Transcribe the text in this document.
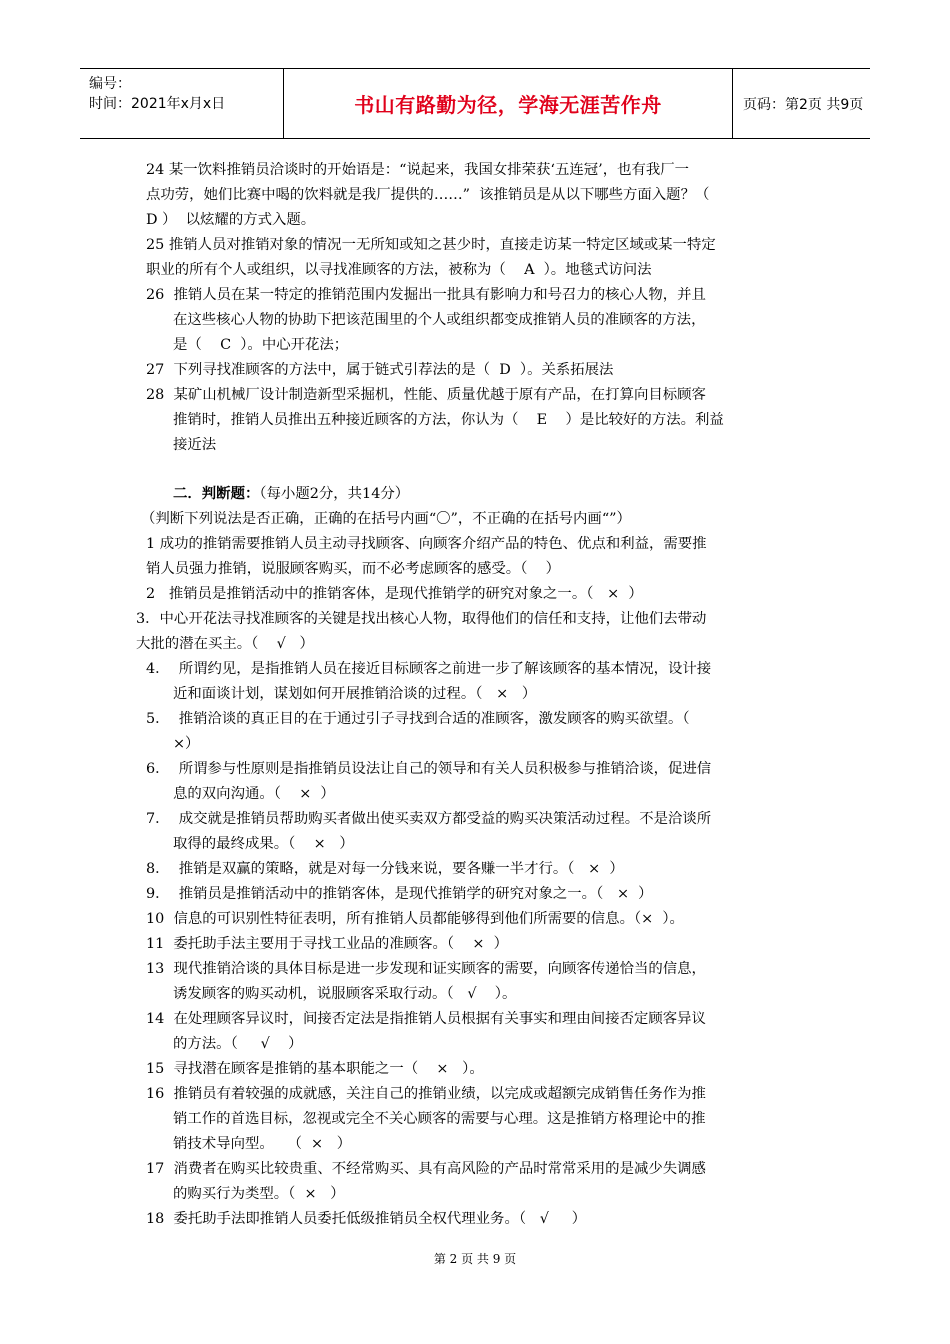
编号：
时间：2021年x月x日	书山有路勤为径，学海无涯苦作舟	页码：第2页 共9页
24 某一饮料推销员洽谈时的开始语是：“说起来，我国女排荣获‘五连冠’，也有我厂一
点功劳，她们比赛中喝的饮料就是我厂提供的……”  该推销员是从以下哪些方面入题？（
D ）  以炫耀的方式入题。
25 推销人员对推销对象的情况一无所知或知之甚少时，直接走访某一特定区域或某一特定
职业的所有个人或组织，以寻找准顾客的方法，被称为（    A  ）。地毯式访问法
26  推销人员在某一特定的推销范围内发掘出一批具有影响力和号召力的核心人物，并且
在这些核心人物的协助下把该范围里的个人或组织都变成推销人员的准顾客的方法，
是（    C  ）。中心开花法；
27  下列寻找准顾客的方法中，属于链式引荐法的是（  D  ）。关系拓展法
28  某矿山机械厂设计制造新型采掘机，性能、质量优越于原有产品，在打算向目标顾客
推销时，推销人员推出五种接近顾客的方法，你认为（    E    ）是比较好的方法。利益
接近法
二．判断题：（每小题2分，共14分）
（判断下列说法是否正确，正确的在括号内画“〇”，不正确的在括号内画“”）
1 成功的推销需要推销人员主动寻找顾客、向顾客介绍产品的特色、优点和利益，需要推
销人员强力推销，说服顾客购买，而不必考虑顾客的感受。（    ）
2   推销员是推销活动中的推销客体，是现代推销学的研究对象之一。（   ×  ）
3．中心开花法寻找准顾客的关键是找出核心人物，取得他们的信任和支持，让他们去带动
大批的潜在买主。（    √   ）
4．  所谓约见，是指推销人员在接近目标顾客之前进一步了解该顾客的基本情况，设计接
近和面谈计划，谋划如何开展推销洽谈的过程。（   ×   ）
5．  推销洽谈的真正目的在于通过引子寻找到合适的准顾客，激发顾客的购买欲望。（
×）
6．  所谓参与性原则是指推销员设法让自己的领导和有关人员积极参与推销洽谈，促进信
息的双向沟通。（    ×  ）
7．  成交就是推销员帮助购买者做出使买卖双方都受益的购买决策活动过程。不是洽谈所
取得的最终成果。（    ×   ）
8．  推销是双赢的策略，就是对每一分钱来说，要各赚一半才行。（   ×  ）
9．  推销员是推销活动中的推销客体，是现代推销学的研究对象之一。（   ×  ）
10  信息的可识别性特征表明，所有推销人员都能够得到他们所需要的信息。（×  ）。
11  委托助手法主要用于寻找工业品的准顾客。（    ×  ）
13  现代推销洽谈的具体目标是进一步发现和证实顾客的需要，向顾客传递恰当的信息，
诱发顾客的购买动机，说服顾客采取行动。（   √    ）。
14  在处理顾客异议时，间接否定法是指推销人员根据有关事实和理由间接否定顾客异议
的方法。（     √    ）
15  寻找潜在顾客是推销的基本职能之一（    ×   ）。
16  推销员有着较强的成就感，关注自己的推销业绩，以完成或超额完成销售任务作为推
销工作的首选目标，忽视或完全不关心顾客的需要与心理。这是推销方格理论中的推
销技术导向型。   （  ×   ）
17  消费者在购买比较贵重、不经常购买、具有高风险的产品时常常采用的是减少失调感
的购买行为类型。（  ×   ）
18  委托助手法即推销人员委托低级推销员全权代理业务。（   √     ）
第 2 页 共 9 页
